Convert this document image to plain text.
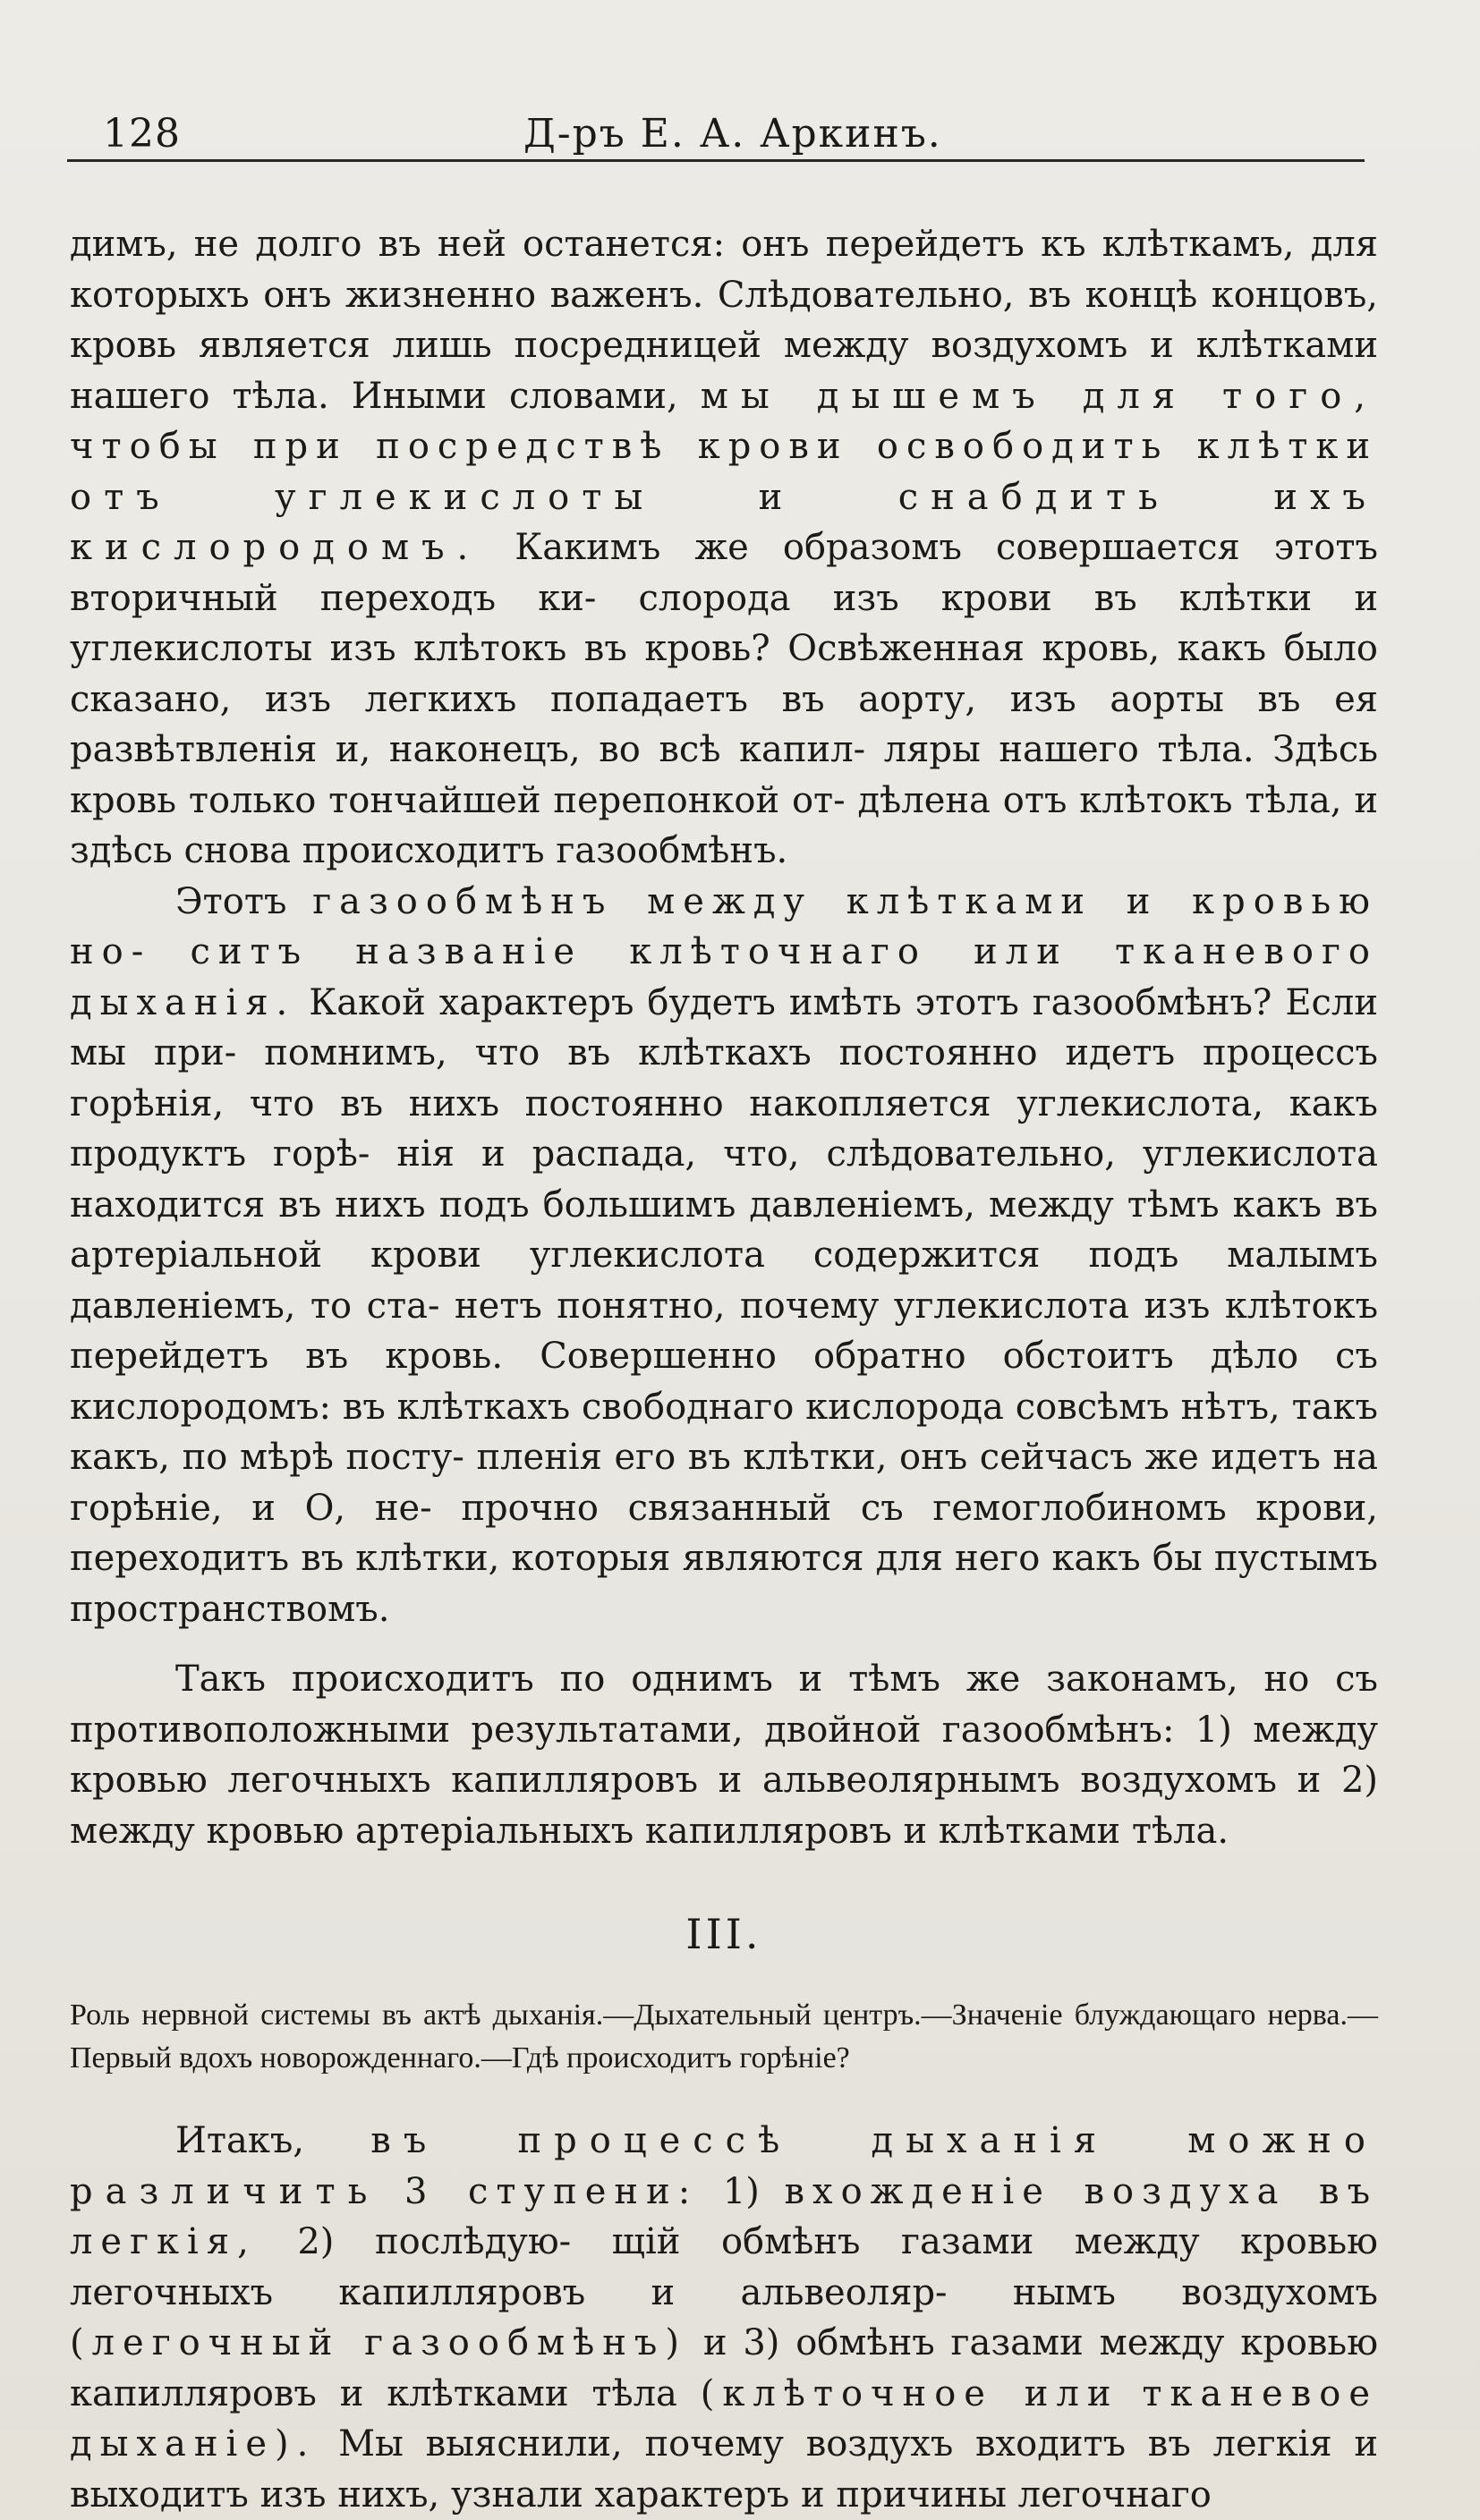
128	Д-ръ Е. А. Аркинъ.
димъ, не долго въ ней останется: онъ перейдетъ къ клѣткамъ, для которыхъ онъ жизненно важенъ. Слѣдовательно, въ концѣ концовъ, кровь является лишь посредницей между воздухомъ и клѣтками нашего тѣла. Иными словами, мы дышемъ для того, чтобы при посредствѣ крови освободить клѣтки отъ углекислоты и снабдить ихъ кислородомъ. Какимъ же образомъ совершается этотъ вторичный переходъ ки- слорода изъ крови въ клѣтки и углекислоты изъ клѣтокъ въ кровь? Освѣженная кровь, какъ было сказано, изъ легкихъ попадаетъ въ аорту, изъ аорты въ ея развѣтвленія и, наконецъ, во всѣ капил- ляры нашего тѣла. Здѣсь кровь только тончайшей перепонкой от- дѣлена отъ клѣтокъ тѣла, и здѣсь снова происходитъ газообмѣнъ.
Этотъ газообмѣнъ между клѣтками и кровью но- ситъ названіе клѣточнаго или тканевого дыханія. Какой характеръ будетъ имѣть этотъ газообмѣнъ? Если мы при- помнимъ, что въ клѣткахъ постоянно идетъ процессъ горѣнія, что въ нихъ постоянно накопляется углекислота, какъ продуктъ горѣ- нія и распада, что, слѣдовательно, углекислота находится въ нихъ подъ большимъ давленіемъ, между тѣмъ какъ въ артеріальной крови углекислота содержится подъ малымъ давленіемъ, то ста- нетъ понятно, почему углекислота изъ клѣтокъ перейдетъ въ кровь. Совершенно обратно обстоитъ дѣло съ кислородомъ: въ клѣткахъ свободнаго кислорода совсѣмъ нѣтъ, такъ какъ, по мѣрѣ посту- пленія его въ клѣтки, онъ сейчасъ же идетъ на горѣніе, и О, не- прочно связанный съ гемоглобиномъ крови, переходитъ въ клѣтки, которыя являются для него какъ бы пустымъ пространствомъ.
Такъ происходитъ по однимъ и тѣмъ же законамъ, но съ противоположными результатами, двойной газообмѣнъ: 1) между кровью легочныхъ капилляровъ и альвеолярнымъ воздухомъ и 2) между кровью артеріальныхъ капилляровъ и клѣтками тѣла.
III.
Роль нервной системы въ актѣ дыханія.—Дыхательный центръ.—Значеніе блуждающаго нерва.—Первый вдохъ новорожденнаго.—Гдѣ происходитъ горѣніе?
Итакъ, въ процессѣ дыханія можно различить 3 ступени: 1) вхожденіе воздуха въ легкія, 2) послѣдую- щій обмѣнъ газами между кровью легочныхъ капилляровъ и альвеоляр- нымъ воздухомъ (легочный газообмѣнъ) и 3) обмѣнъ газами между кровью капилляровъ и клѣтками тѣла (клѣточное или тканевое дыханіе). Мы выяснили, почему воздухъ входитъ въ легкія и выходитъ изъ нихъ, узнали характеръ и причины легочнаго
